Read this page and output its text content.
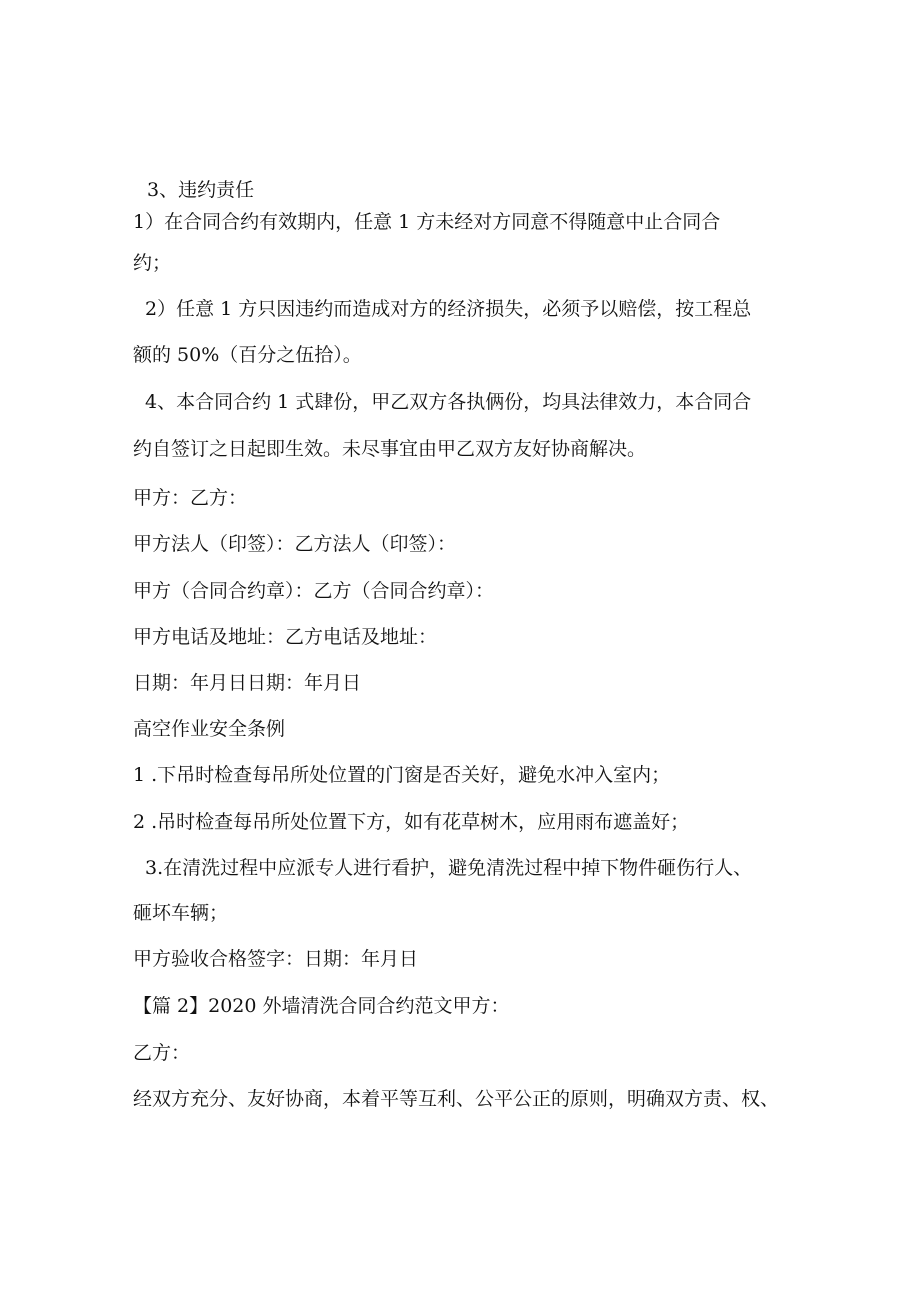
3、违约责任
1）在合同合约有效期内，任意 1 方未经对方同意不得随意中止合同合
约；
2）任意 1 方只因违约而造成对方的经济损失，必须予以赔偿，按工程总
额的 50%（百分之伍拾）。
4、本合同合约 1 式肆份，甲乙双方各执俩份，均具法律效力，本合同合
约自签订之日起即生效。未尽事宜由甲乙双方友好协商解决。
甲方：乙方：
甲方法人（印签）：乙方法人（印签）：
甲方（合同合约章）：乙方（合同合约章）：
甲方电话及地址：乙方电话及地址：
日期：年月日日期：年月日
高空作业安全条例
1 .下吊时检查每吊所处位置的门窗是否关好，避免水冲入室内；
2 .吊时检查每吊所处位置下方，如有花草树木，应用雨布遮盖好；
3.在清洗过程中应派专人进行看护，避免清洗过程中掉下物件砸伤行人、
砸坏车辆；
甲方验收合格签字：日期：年月日
【篇 2】2020 外墙清洗合同合约范文甲方：
乙方：
经双方充分、友好协商，本着平等互利、公平公正的原则，明确双方责、权、
